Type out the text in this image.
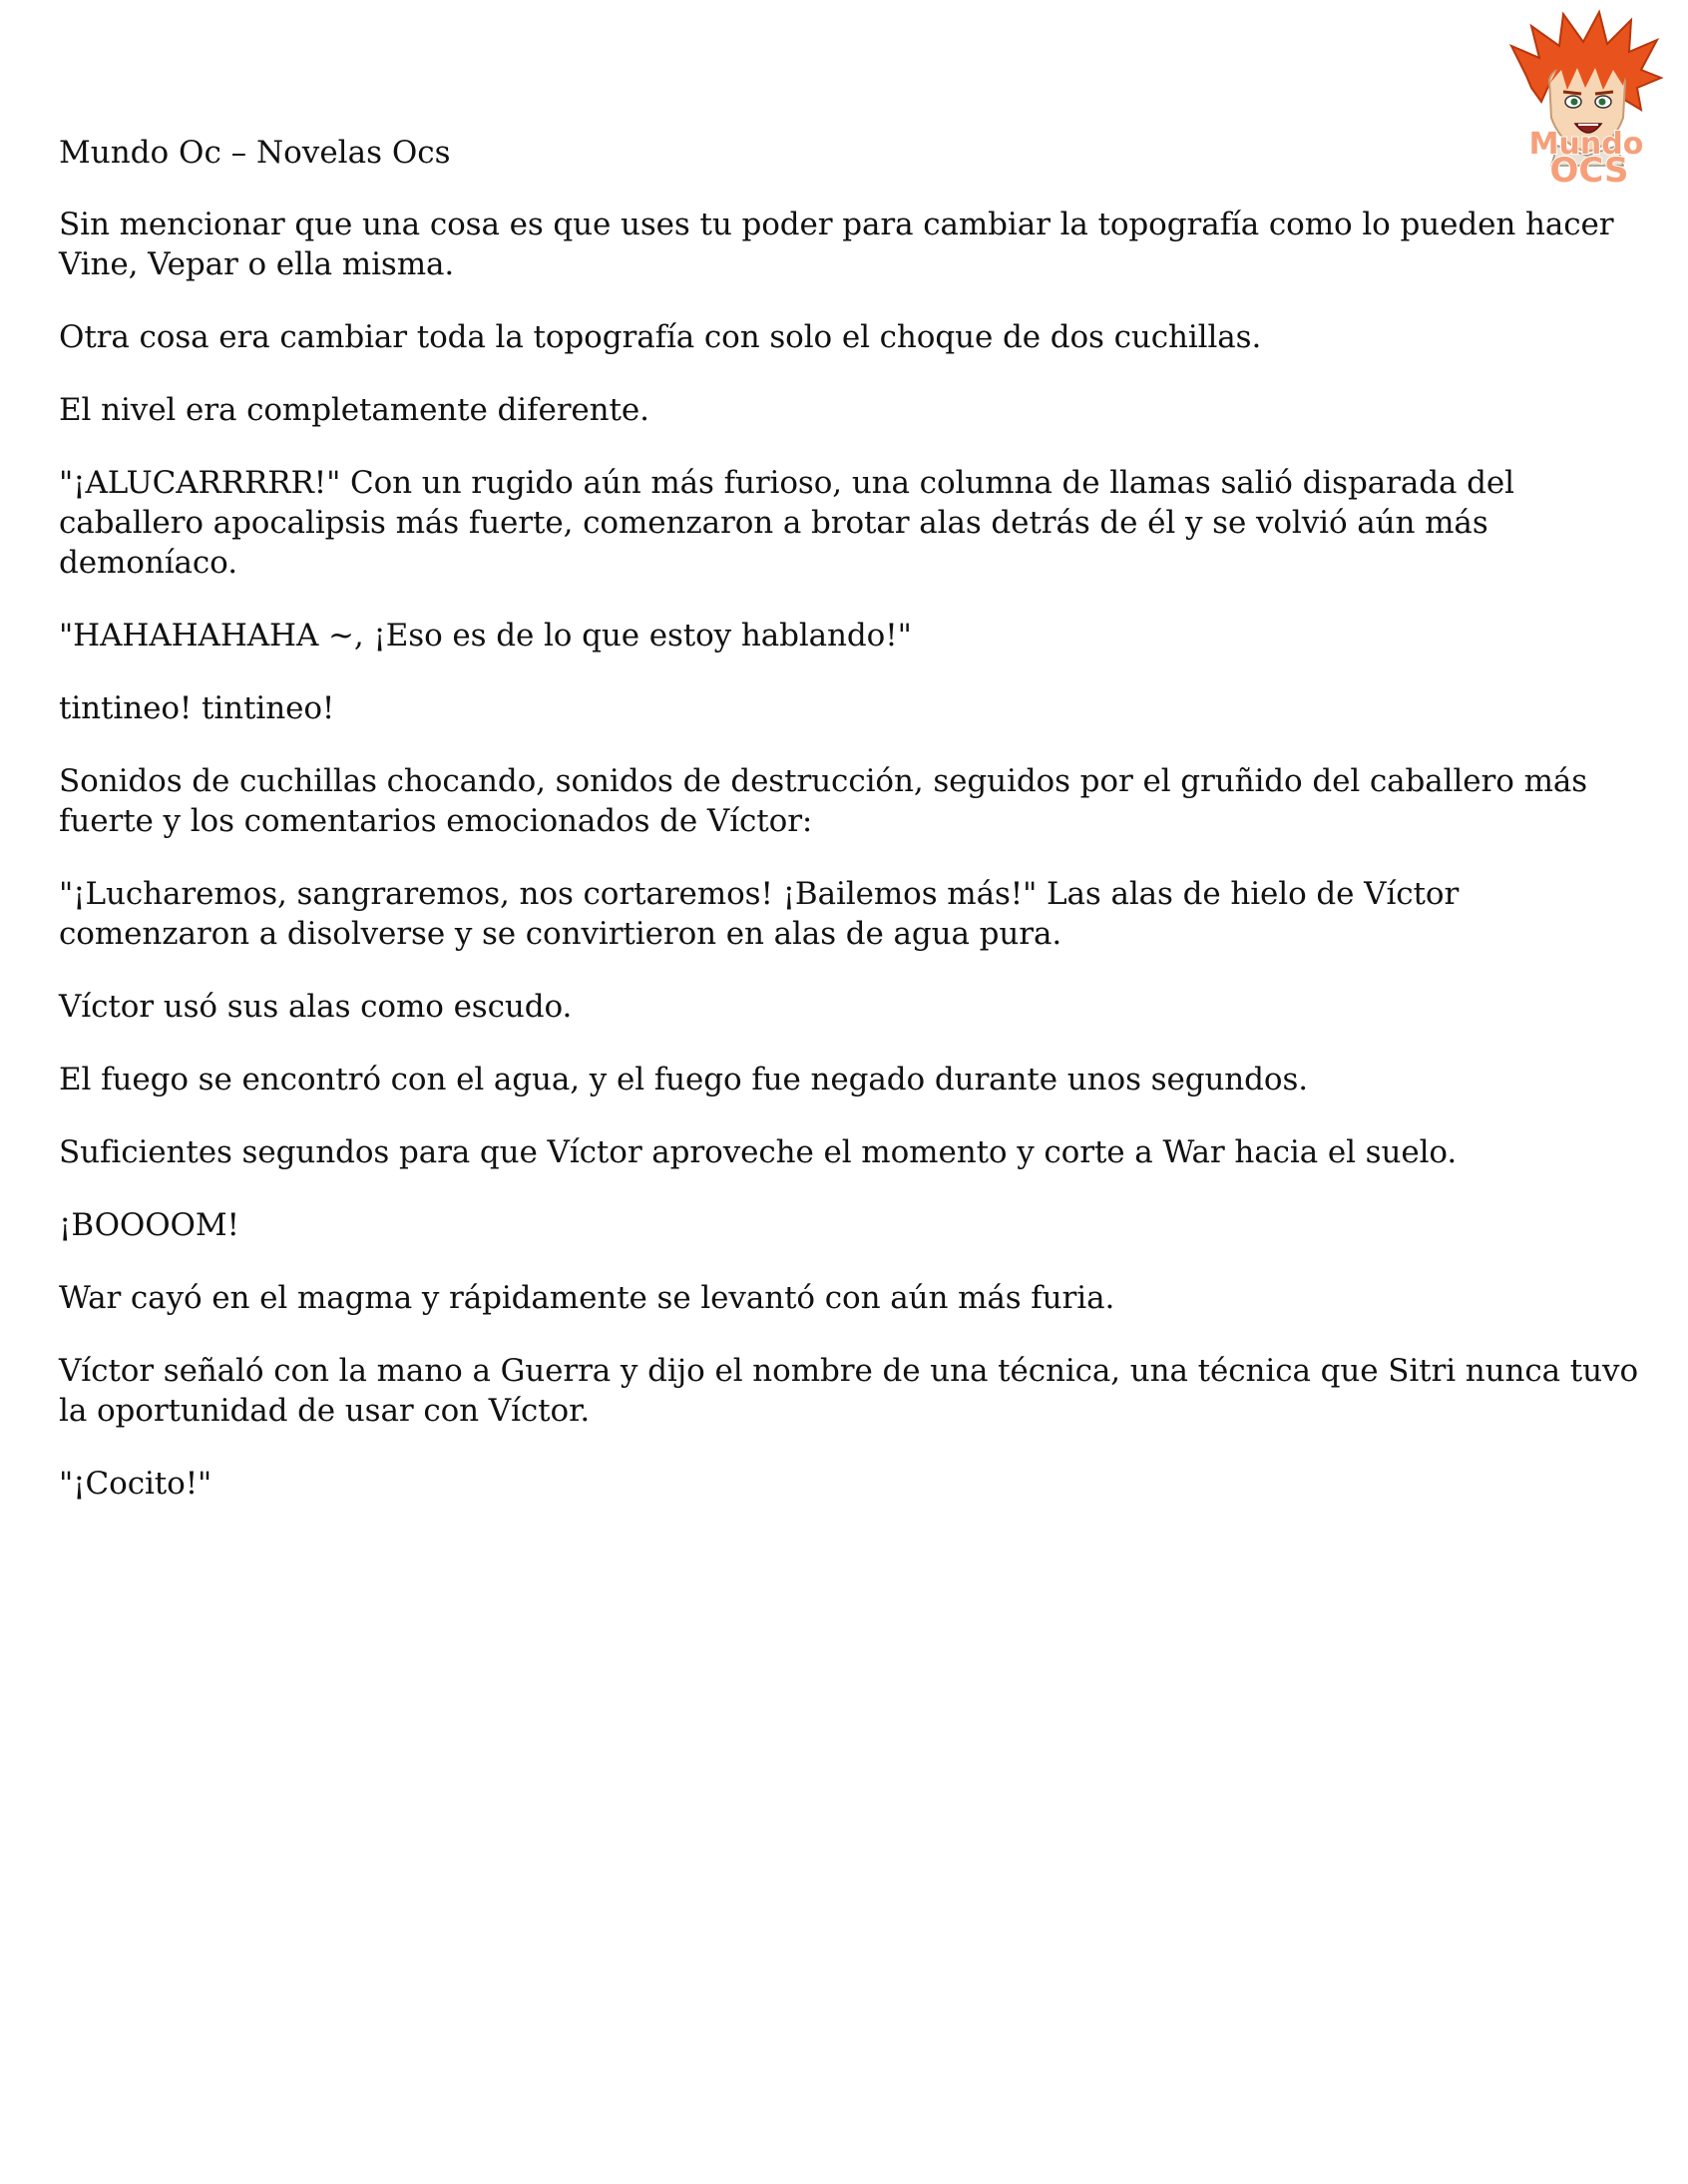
Mundo Oc – Novelas Ocs	Mundo
OCS

Sin mencionar que una cosa es que uses tu poder para cambiar la topografía como lo pueden hacer Vine, Vepar o ella misma.

Otra cosa era cambiar toda la topografía con solo el choque de dos cuchillas.

El nivel era completamente diferente.

"¡ALUCARRRRR!" Con un rugido aún más furioso, una columna de llamas salió disparada del caballero apocalipsis más fuerte, comenzaron a brotar alas detrás de él y se volvió aún más demoníaco.

"HAHAHAHAHA ~, ¡Eso es de lo que estoy hablando!"

tintineo! tintineo!

Sonidos de cuchillas chocando, sonidos de destrucción, seguidos por el gruñido del caballero más fuerte y los comentarios emocionados de Víctor:

"¡Lucharemos, sangraremos, nos cortaremos! ¡Bailemos más!" Las alas de hielo de Víctor comenzaron a disolverse y se convirtieron en alas de agua pura.

Víctor usó sus alas como escudo.

El fuego se encontró con el agua, y el fuego fue negado durante unos segundos.

Suficientes segundos para que Víctor aproveche el momento y corte a War hacia el suelo.

¡BOOOOM!

War cayó en el magma y rápidamente se levantó con aún más furia.

Víctor señaló con la mano a Guerra y dijo el nombre de una técnica, una técnica que Sitri nunca tuvo la oportunidad de usar con Víctor.

"¡Cocito!"
